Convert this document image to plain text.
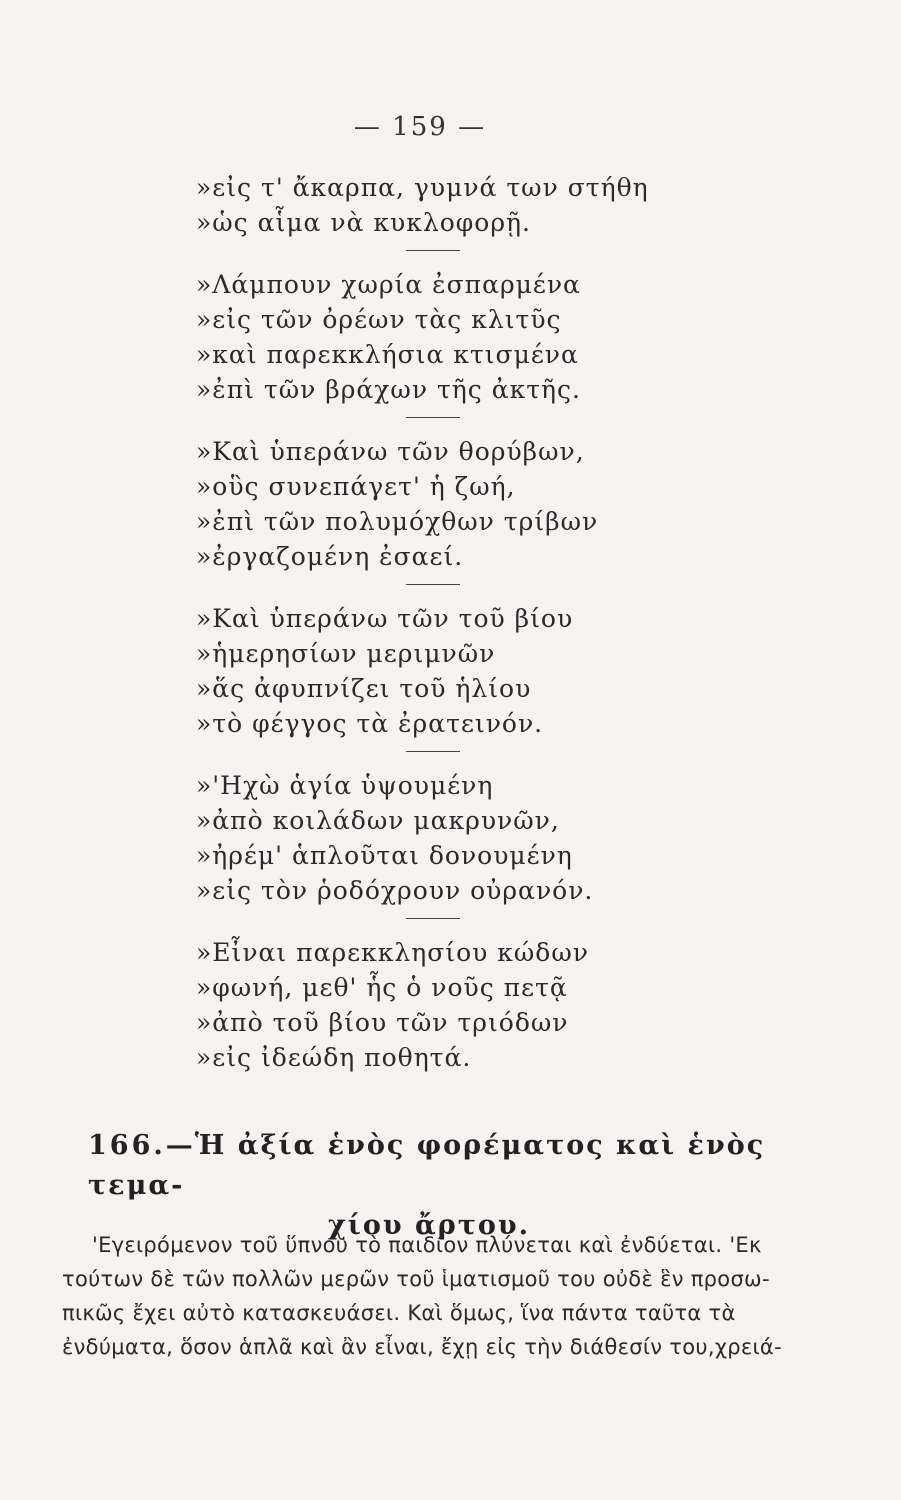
— 159 —
»εἰς τ' ἄκαρπα, γυμνά των στήθη
»ὡς αἷμα νὰ κυκλοφορῇ.
»Λάμπουν χωρία ἐσπαρμένα
»εἰς τῶν ὀρέων τὰς κλιτῦς
»καὶ παρεκκλήσια κτισμένα
»ἐπὶ τῶν βράχων τῆς ἀκτῆς.
»Καὶ ὑπεράνω τῶν θορύβων,
»οὓς συνεπάγετ' ἡ ζωή,
»ἐπὶ τῶν πολυμόχθων τρίβων
»ἐργαζομένη ἐσαεί.
»Καὶ ὑπεράνω τῶν τοῦ βίου
»ἡμερησίων μεριμνῶν
»ἅς ἀφυπνίζει τοῦ ἡλίου
»τὸ φέγγος τὰ ἐρατεινόν.
»'Ηχὼ ἁγία ὑψουμένη
»ἀπὸ κοιλάδων μακρυνῶν,
»ἠρέμ' ἁπλοῦται δονουμένη
»εἰς τὸν ῥοδόχρουν οὐρανόν.
»Εἶναι παρεκκλησίου κώδων
»φωνή, μεθ' ἧς ὁ νοῦς πετᾷ
»ἀπὸ τοῦ βίου τῶν τριόδων
»εἰς ἰδεώδη ποθητά.
166.—Ἡ ἀξία ἑνὸς φορέματος καὶ ἑνὸς τεμα-
χίου ἄρτου.
'Εγειρόμενον τοῦ ὕπνου τὸ παιδίον πλύνεται καὶ ἐνδύεται. 'Εκ
τούτων δὲ τῶν πολλῶν μερῶν τοῦ ἱματισμοῦ του οὐδὲ ἓν προσω-
πικῶς ἔχει αὐτὸ κατασκευάσει. Καὶ ὅμως, ἵνα πάντα ταῦτα τὰ
ἐνδύματα, ὅσον ἁπλᾶ καὶ ἂν εἶναι, ἔχῃ εἰς τὴν διάθεσίν του,χρειά-
